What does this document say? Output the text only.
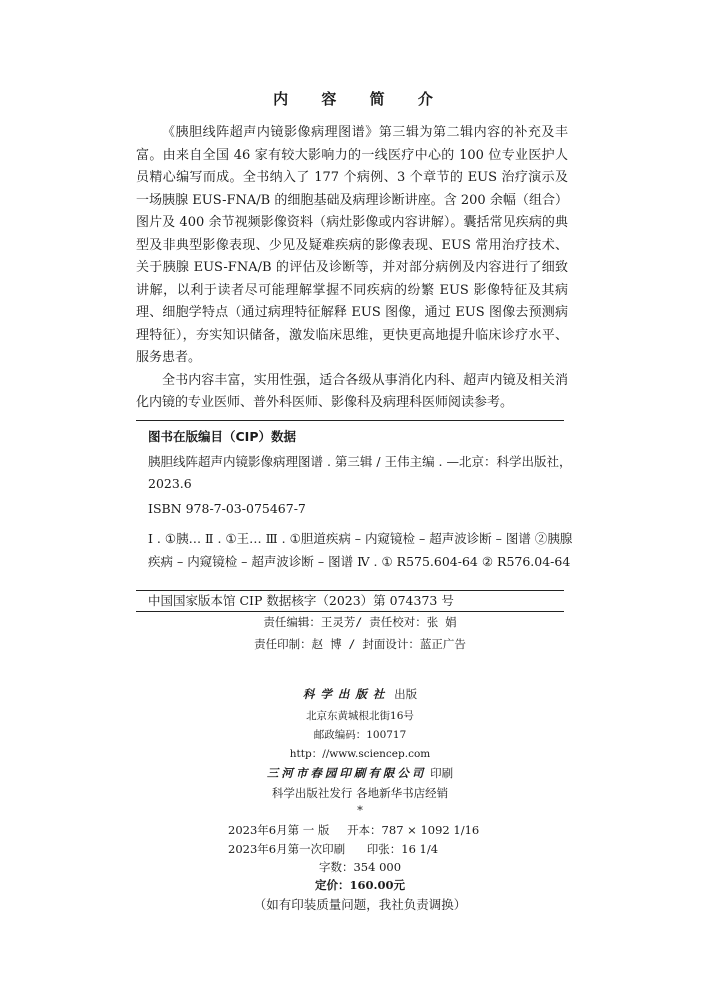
内 容 简 介

《胰胆线阵超声内镜影像病理图谱》第三辑为第二辑内容的补充及丰富。由来自全国 46 家有较大影响力的一线医疗中心的 100 位专业医护人员精心编写而成。全书纳入了 177 个病例、3 个章节的 EUS 治疗演示及一场胰腺 EUS-FNA/B 的细胞基础及病理诊断讲座。含 200 余幅（组合）图片及 400 余节视频影像资料（病灶影像或内容讲解）。囊括常见疾病的典型及非典型影像表现、少见及疑难疾病的影像表现、EUS 常用治疗技术、关于胰腺 EUS-FNA/B 的评估及诊断等，并对部分病例及内容进行了细致讲解，以利于读者尽可能理解掌握不同疾病的纷繁 EUS 影像特征及其病理、细胞学特点（通过病理特征解释 EUS 图像，通过 EUS 图像去预测病理特征），夯实知识储备，激发临床思维，更快更高地提升临床诊疗水平、服务患者。

全书内容丰富，实用性强，适合各级从事消化内科、超声内镜及相关消化内镜的专业医师、普外科医师、影像科及病理科医师阅读参考。

图书在版编目（CIP）数据
胰胆线阵超声内镜影像病理图谱 . 第三辑 / 王伟主编 . —北京：科学出版社，2023.6
ISBN 978-7-03-075467-7
Ⅰ . ①胰… Ⅱ . ①王… Ⅲ . ①胆道疾病 – 内窥镜检 – 超声波诊断 – 图谱 ②胰腺疾病 – 内窥镜检 – 超声波诊断 – 图谱 Ⅳ . ① R575.604-64 ② R576.04-64
中国国家版本馆 CIP 数据核字（2023）第 074373 号
责任编辑：王灵芳/ 责任校对：张 娟
责任印制：赵 博 / 封面设计：蓝正广告
科学出版社 出版
北京东黄城根北街16号
邮政编码：100717
http：//www.sciencep.com
三河市春园印刷有限公司 印刷
科学出版社发行 各地新华书店经销
*
2023年6月第 一 版 开本：787 × 1092 1/16
2023年6月第一次印刷 印张：16 1/4
字数：354 000
定价：160.00元
（如有印装质量问题，我社负责调换）
